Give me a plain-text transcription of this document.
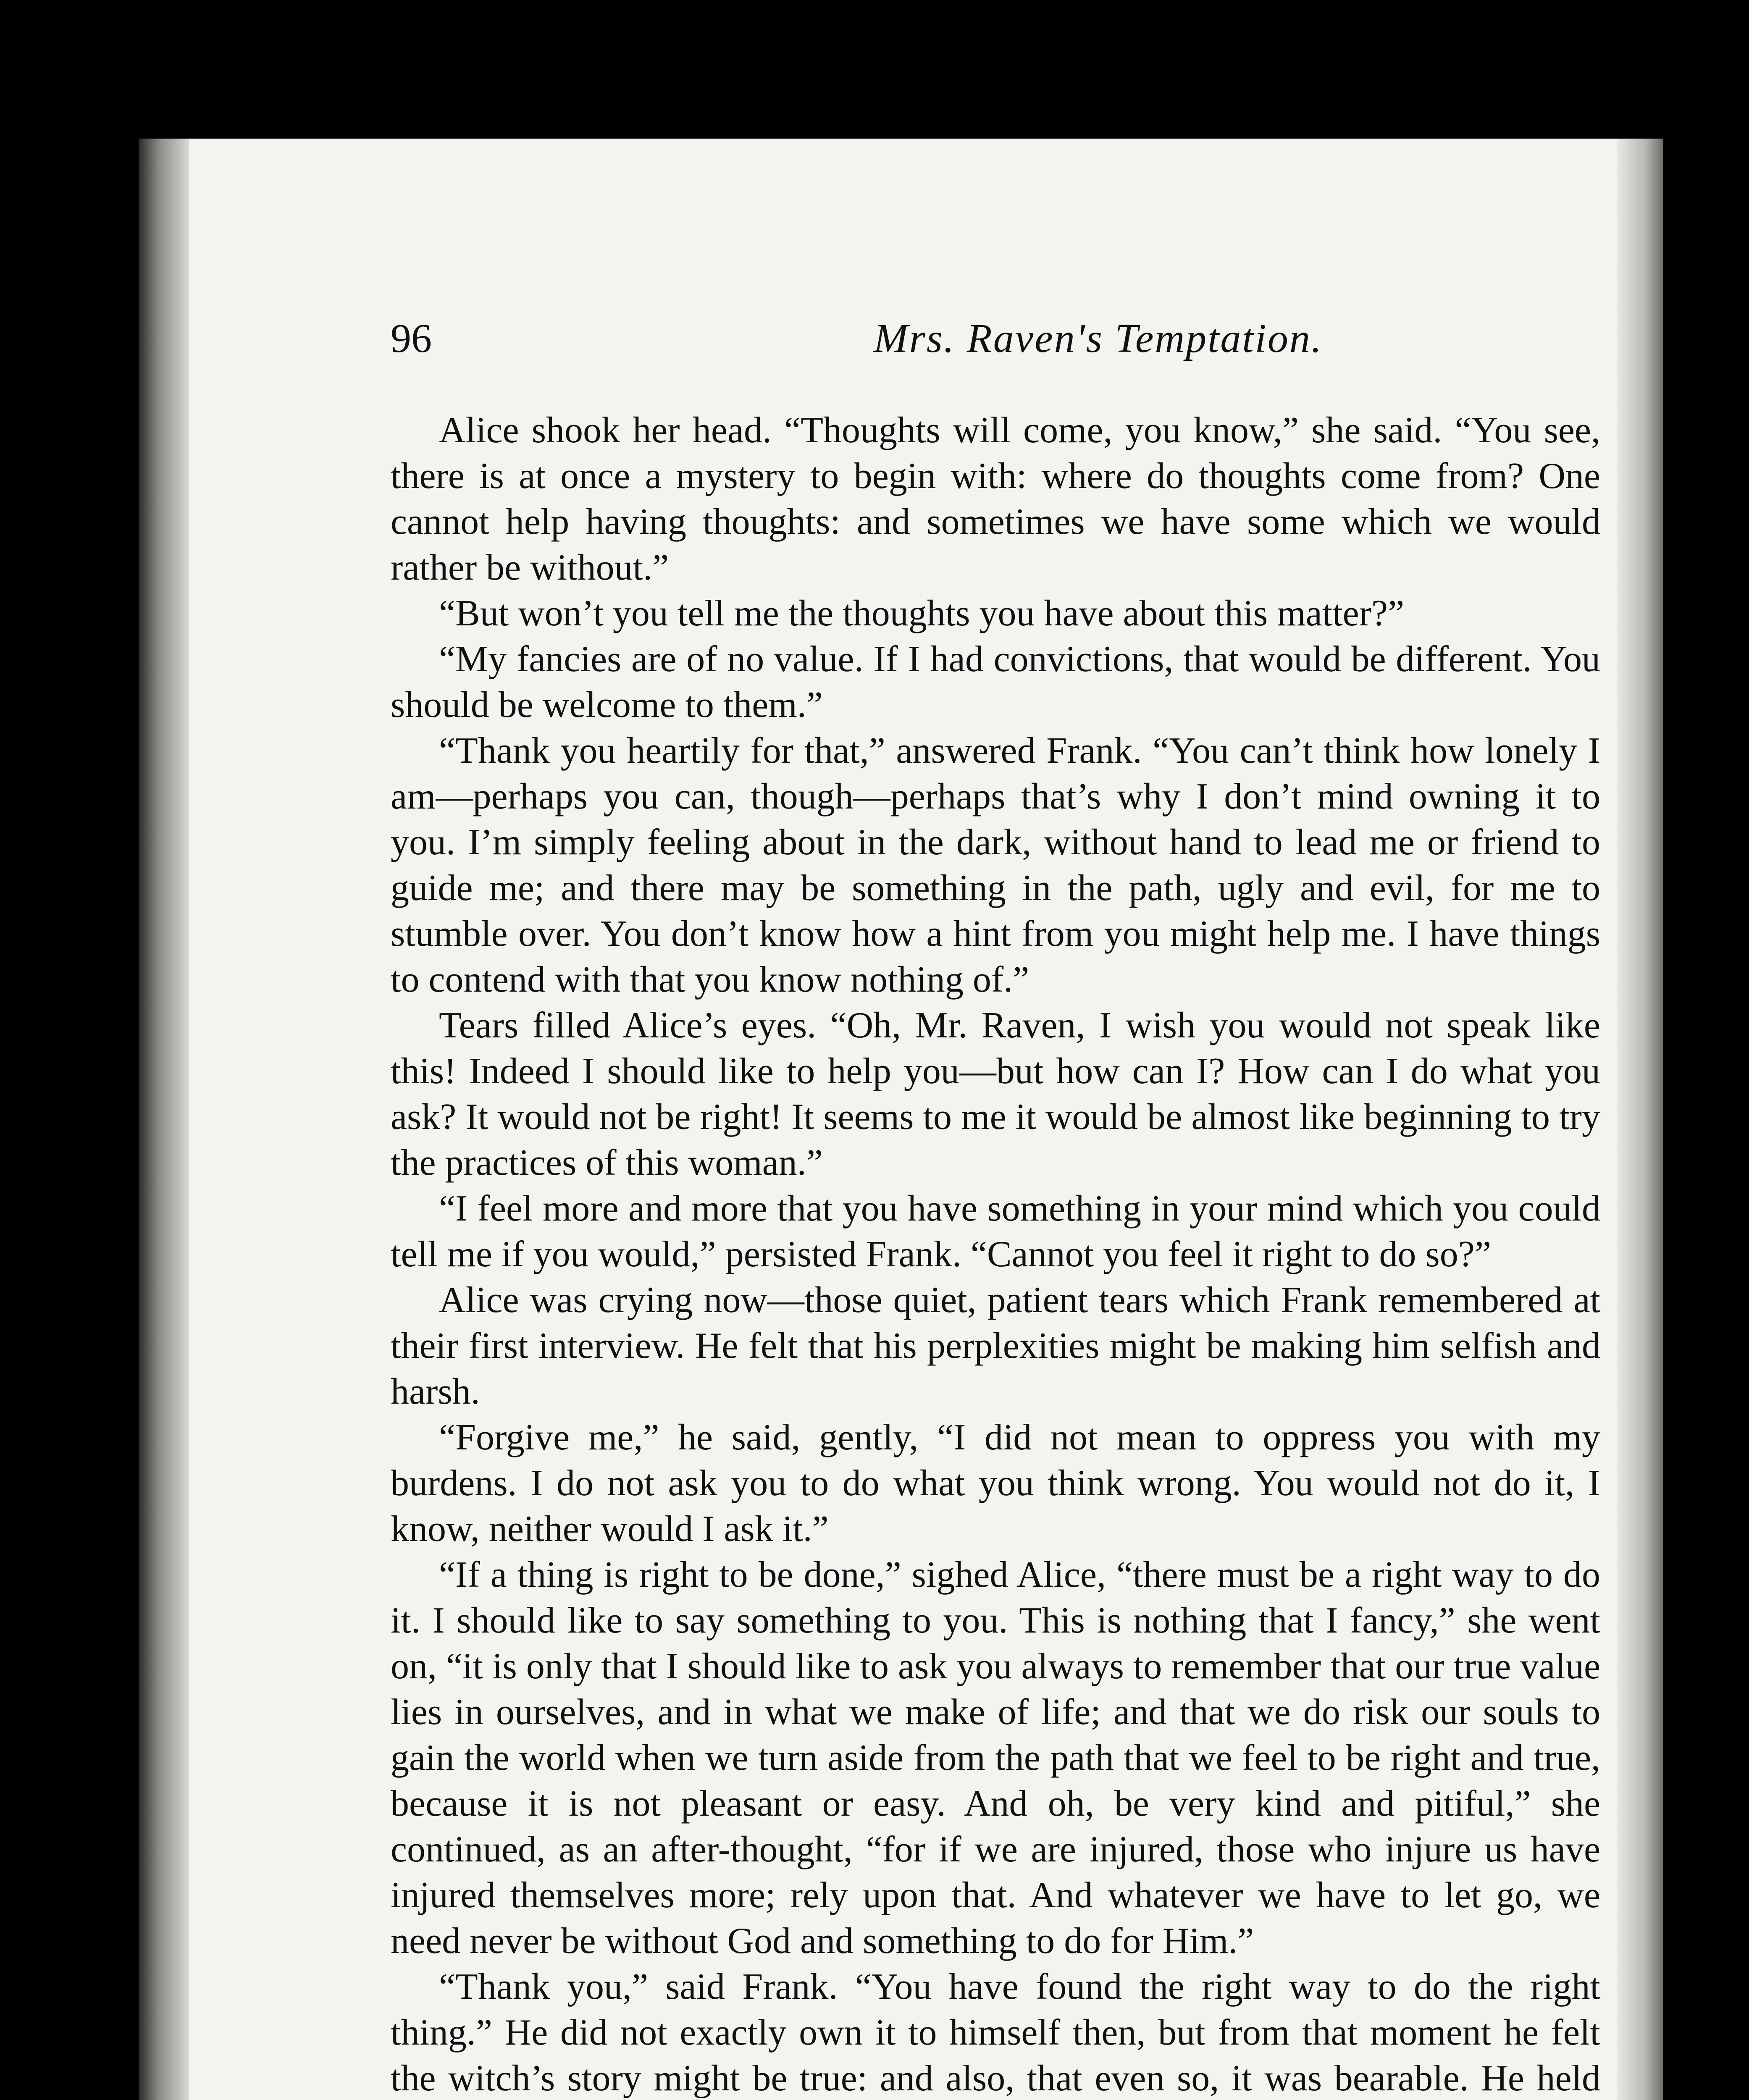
96	Mrs. Raven's Temptation.

Alice shook her head. “Thoughts will come, you know,” she said. “You see, there is at once a mystery to begin with: where do thoughts come from? One cannot help having thoughts: and sometimes we have some which we would rather be without.”

“But won’t you tell me the thoughts you have about this matter?”

“My fancies are of no value. If I had convictions, that would be different. You should be welcome to them.”

“Thank you heartily for that,” answered Frank. “You can’t think how lonely I am—perhaps you can, though—perhaps that’s why I don’t mind owning it to you. I’m simply feeling about in the dark, without hand to lead me or friend to guide me; and there may be something in the path, ugly and evil, for me to stumble over. You don’t know how a hint from you might help me. I have things to contend with that you know nothing of.”

Tears filled Alice’s eyes. “Oh, Mr. Raven, I wish you would not speak like this! Indeed I should like to help you—but how can I? How can I do what you ask? It would not be right! It seems to me it would be almost like beginning to try the practices of this woman.”

“I feel more and more that you have something in your mind which you could tell me if you would,” persisted Frank. “Cannot you feel it right to do so?”

Alice was crying now—those quiet, patient tears which Frank remembered at their first interview. He felt that his perplexities might be making him selfish and harsh.

“Forgive me,” he said, gently, “I did not mean to oppress you with my burdens. I do not ask you to do what you think wrong. You would not do it, I know, neither would I ask it.”

“If a thing is right to be done,” sighed Alice, “there must be a right way to do it. I should like to say something to you. This is nothing that I fancy,” she went on, “it is only that I should like to ask you always to remember that our true value lies in ourselves, and in what we make of life; and that we do risk our souls to gain the world when we turn aside from the path that we feel to be right and true, because it is not pleasant or easy. And oh, be very kind and pitiful,” she continued, as an after-thought, “for if we are injured, those who injure us have injured themselves more; rely upon that. And whatever we have to let go, we need never be without God and something to do for Him.”

“Thank you,” said Frank. “You have found the right way to do the right thing.” He did not exactly own it to himself then, but from that moment he felt the witch’s story might be true: and also, that even so, it was bearable. He held
